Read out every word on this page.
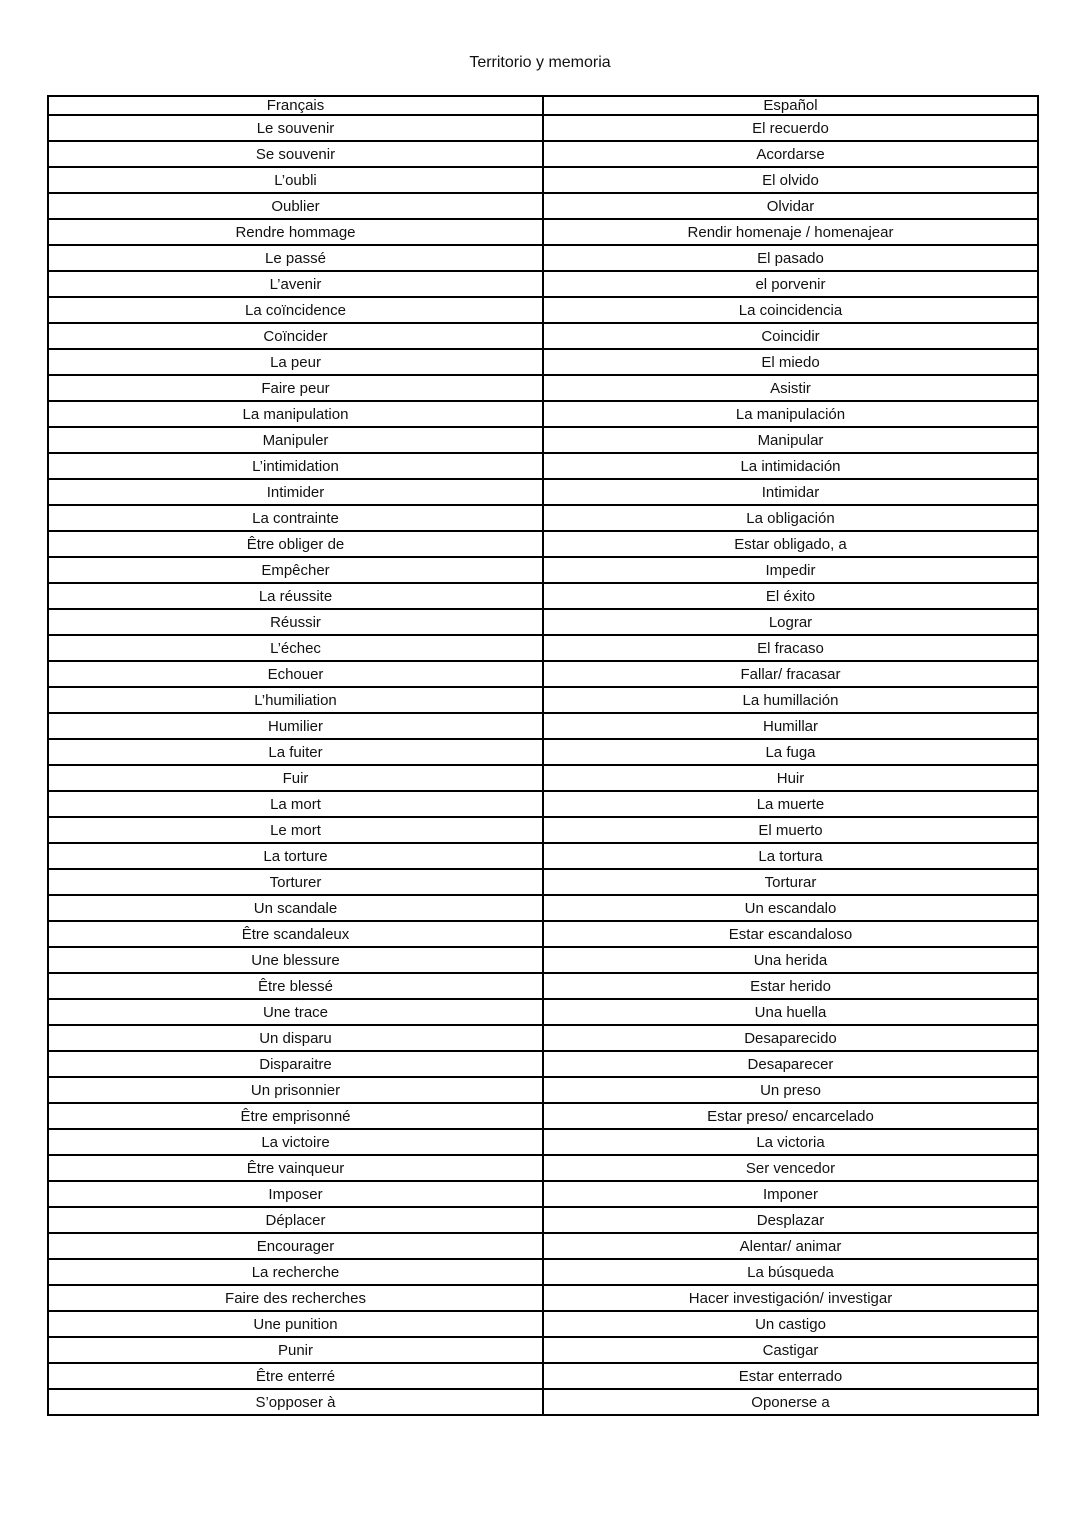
Territorio y memoria
Français	Español
Le souvenir	El recuerdo
Se souvenir	Acordarse
L’oubli	El olvido
Oublier	Olvidar
Rendre hommage	Rendir homenaje / homenajear
Le passé	El pasado
L’avenir	el porvenir
La coïncidence	La coincidencia
Coïncider	Coincidir
La peur	El miedo
Faire peur	Asistir
La manipulation	La manipulación
Manipuler	Manipular
L’intimidation	La intimidación
Intimider	Intimidar
La contrainte	La obligación
Être obliger de	Estar obligado, a
Empêcher	Impedir
La réussite	El éxito
Réussir	Lograr
L’échec	El fracaso
Echouer	Fallar/ fracasar
L’humiliation	La humillación
Humilier	Humillar
La fuiter	La fuga
Fuir	Huir
La mort	La muerte
Le mort	El muerto
La torture	La tortura
Torturer	Torturar
Un scandale	Un escandalo
Être scandaleux	Estar escandaloso
Une blessure	Una herida
Être blessé	Estar herido
Une trace	Una huella
Un disparu	Desaparecido
Disparaitre	Desaparecer
Un prisonnier	Un preso
Être emprisonné	Estar preso/ encarcelado
La victoire	La victoria
Être vainqueur	Ser vencedor
Imposer	Imponer
Déplacer	Desplazar
Encourager	Alentar/ animar
La recherche	La búsqueda
Faire des recherches	Hacer investigación/ investigar
Une punition	Un castigo
Punir	Castigar
Être enterré	Estar enterrado
S’opposer à	Oponerse a
